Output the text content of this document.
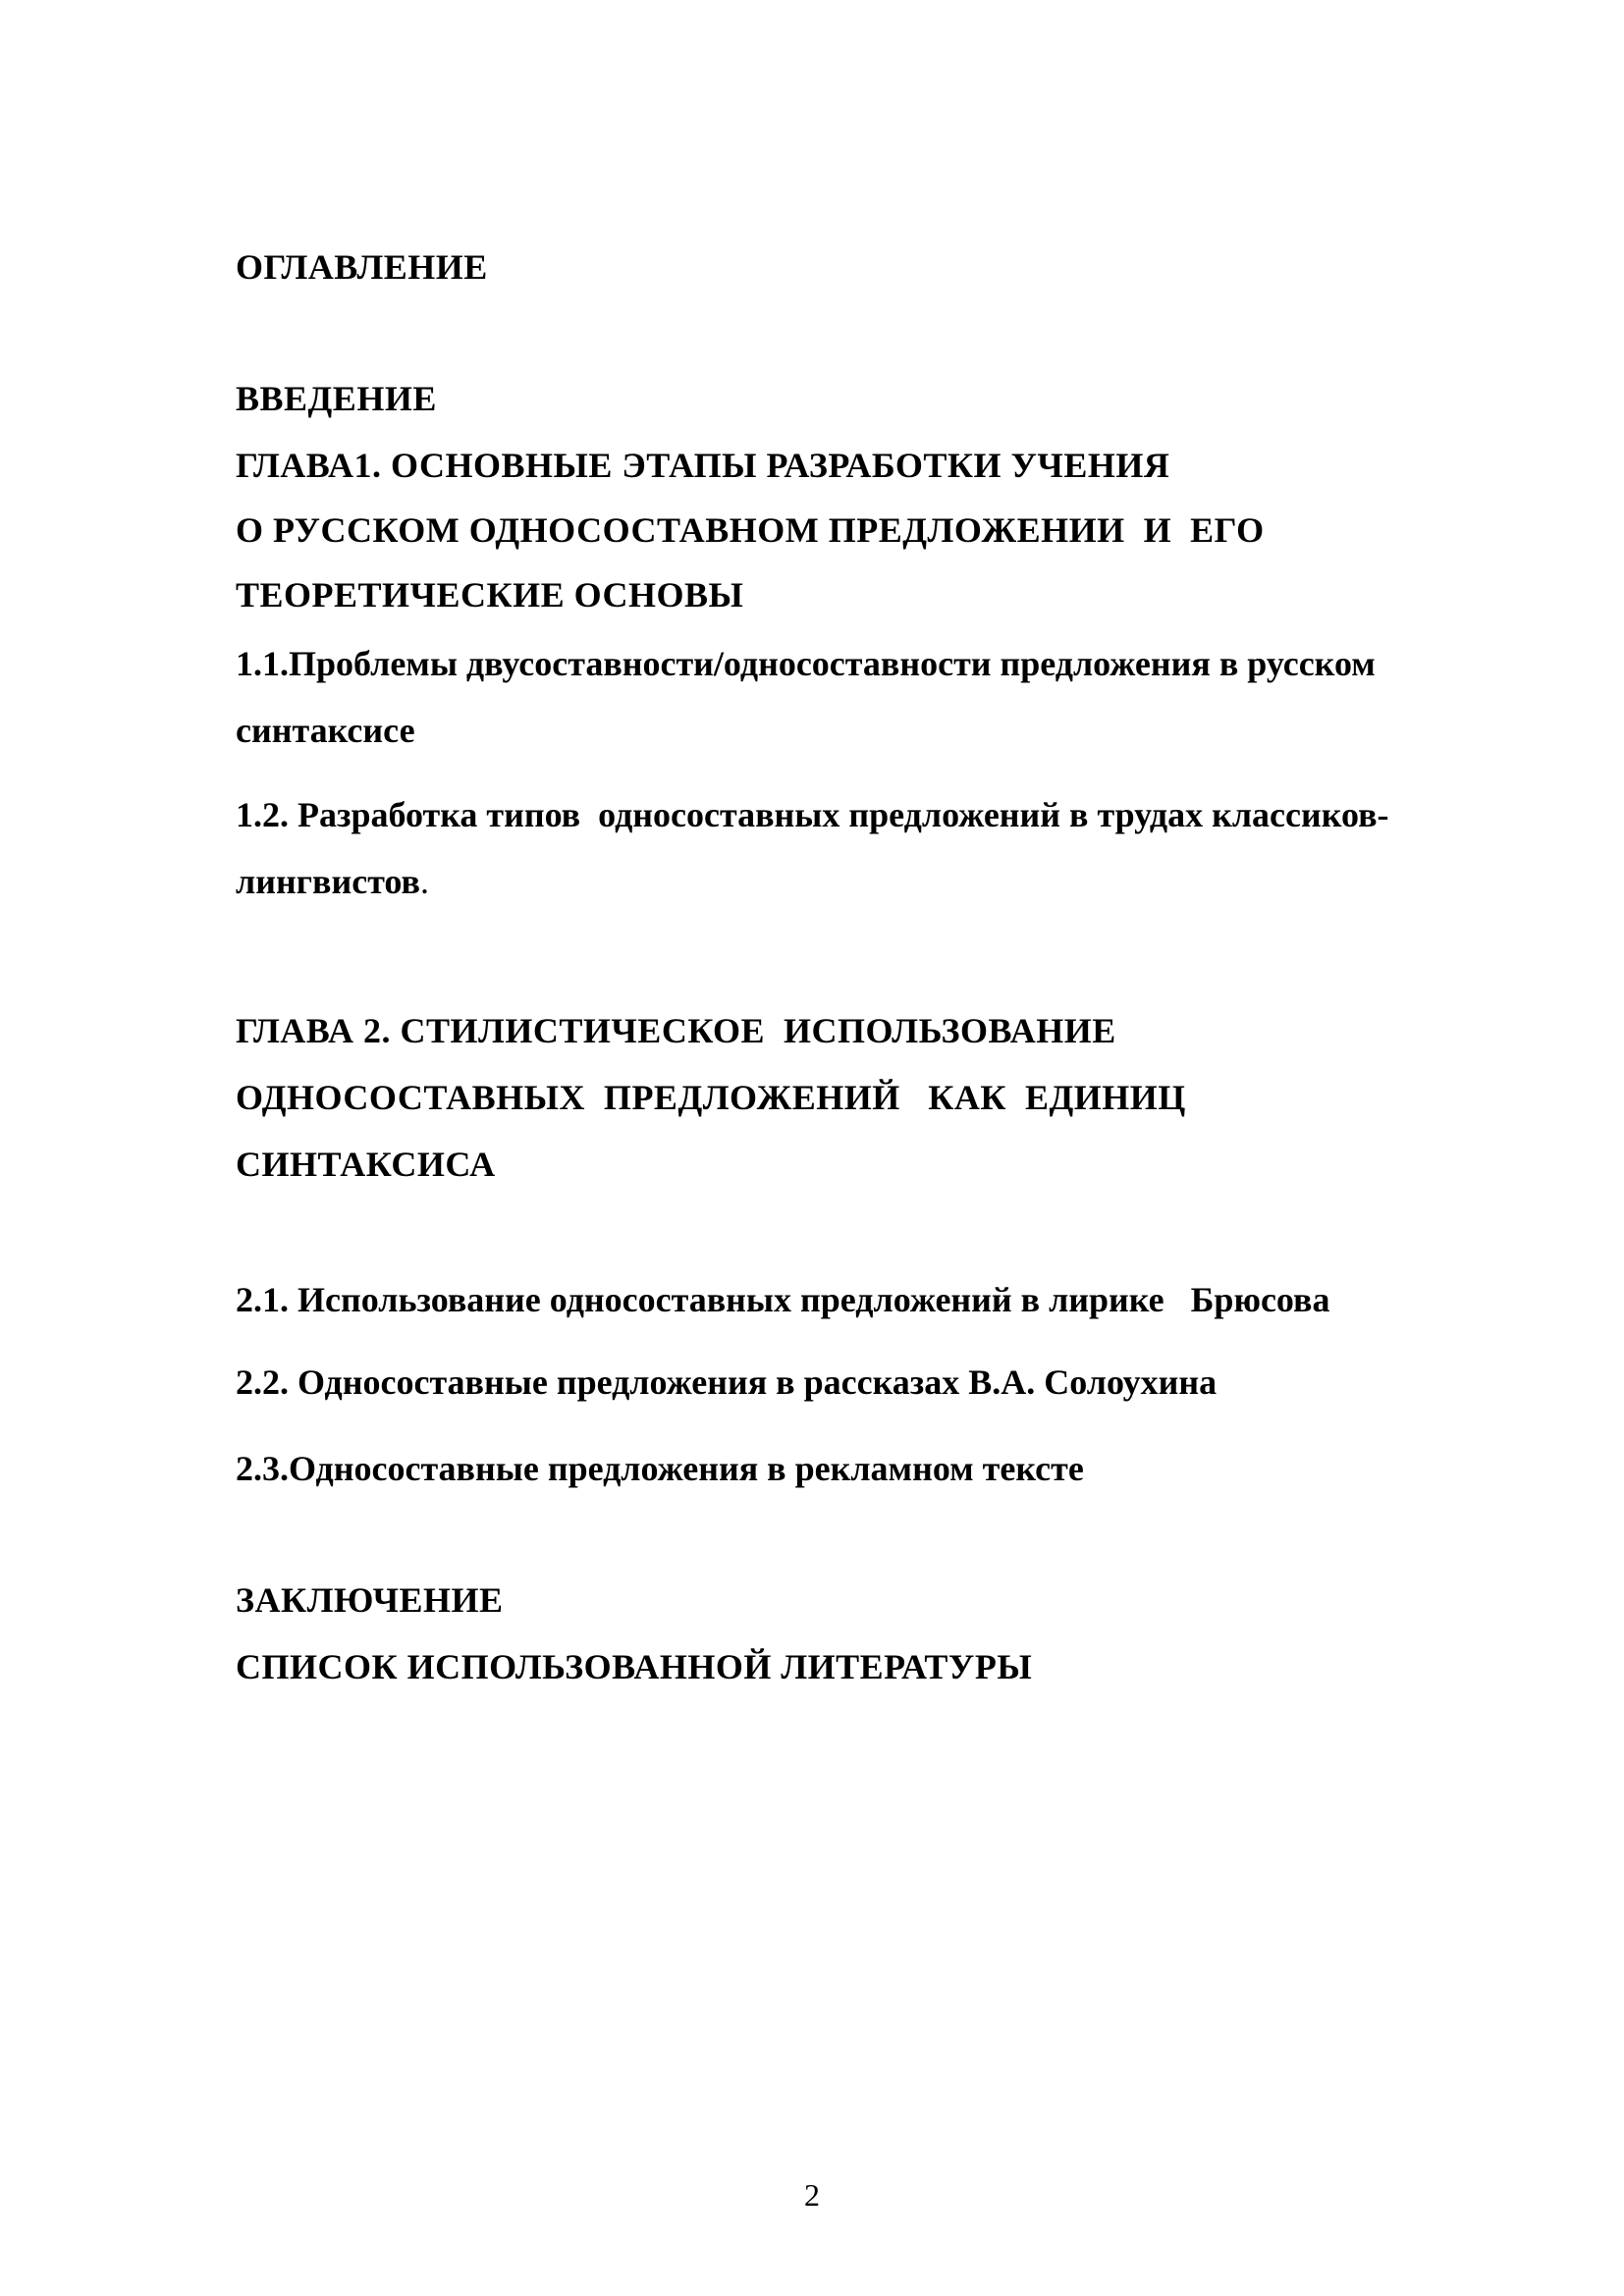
ОГЛАВЛЕНИЕ

ВВЕДЕНИЕ

ГЛАВА1. ОСНОВНЫЕ ЭТАПЫ РАЗРАБОТКИ УЧЕНИЯ

О РУССКОМ ОДНОСОСТАВНОМ ПРЕДЛОЖЕНИИ  И  ЕГО

ТЕОРЕТИЧЕСКИЕ ОСНОВЫ

1.1.Проблемы двусоставности/односоставности предложения в русском

синтаксисе

1.2. Разработка типов  односоставных предложений в трудах классиков-

лингвистов.

ГЛАВА 2. СТИЛИСТИЧЕСКОЕ  ИСПОЛЬЗОВАНИЕ

ОДНОСОСТАВНЫХ  ПРЕДЛОЖЕНИЙ   КАК  ЕДИНИЦ

СИНТАКСИСА

2.1. Использование односоставных предложений в лирике   Брюсова

2.2. Односоставные предложения в рассказах В.А. Солоухина

2.3.Односоставные предложения в рекламном тексте

ЗАКЛЮЧЕНИЕ

СПИСОК ИСПОЛЬЗОВАННОЙ ЛИТЕРАТУРЫ

2
